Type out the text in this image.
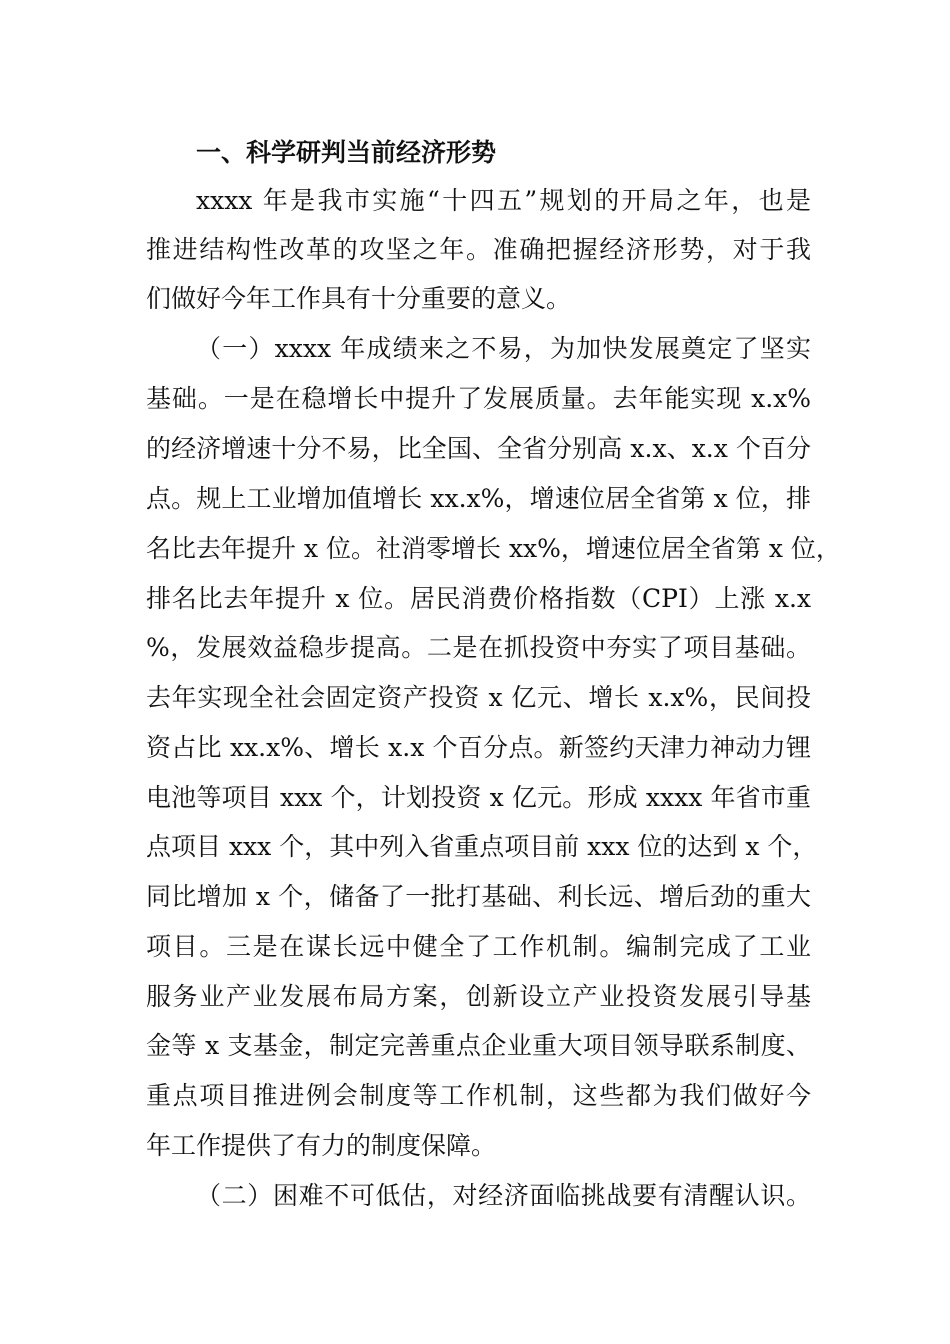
一、科学研判当前经济形势
xxxx 年是我市实施“十四五”规划的开局之年，也是
推进结构性改革的攻坚之年。准确把握经济形势，对于我
们做好今年工作具有十分重要的意义。
（一）xxxx 年成绩来之不易，为加快发展奠定了坚实
基础。一是在稳增长中提升了发展质量。去年能实现 x.x%
的经济增速十分不易，比全国、全省分别高 x.x、x.x 个百分
点。规上工业增加值增长 xx.x%，增速位居全省第 x 位，排
名比去年提升 x 位。社消零增长 xx%，增速位居全省第 x 位，
排名比去年提升 x 位。居民消费价格指数（CPI）上涨 x.x
%，发展效益稳步提高。二是在抓投资中夯实了项目基础。
去年实现全社会固定资产投资 x 亿元、增长 x.x%，民间投
资占比 xx.x%、增长 x.x 个百分点。新签约天津力神动力锂
电池等项目 xxx 个，计划投资 x 亿元。形成 xxxx 年省市重
点项目 xxx 个，其中列入省重点项目前 xxx 位的达到 x 个，
同比增加 x 个，储备了一批打基础、利长远、增后劲的重大
项目。三是在谋长远中健全了工作机制。编制完成了工业
服务业产业发展布局方案，创新设立产业投资发展引导基
金等 x 支基金，制定完善重点企业重大项目领导联系制度、
重点项目推进例会制度等工作机制，这些都为我们做好今
年工作提供了有力的制度保障。
（二）困难不可低估，对经济面临挑战要有清醒认识。
